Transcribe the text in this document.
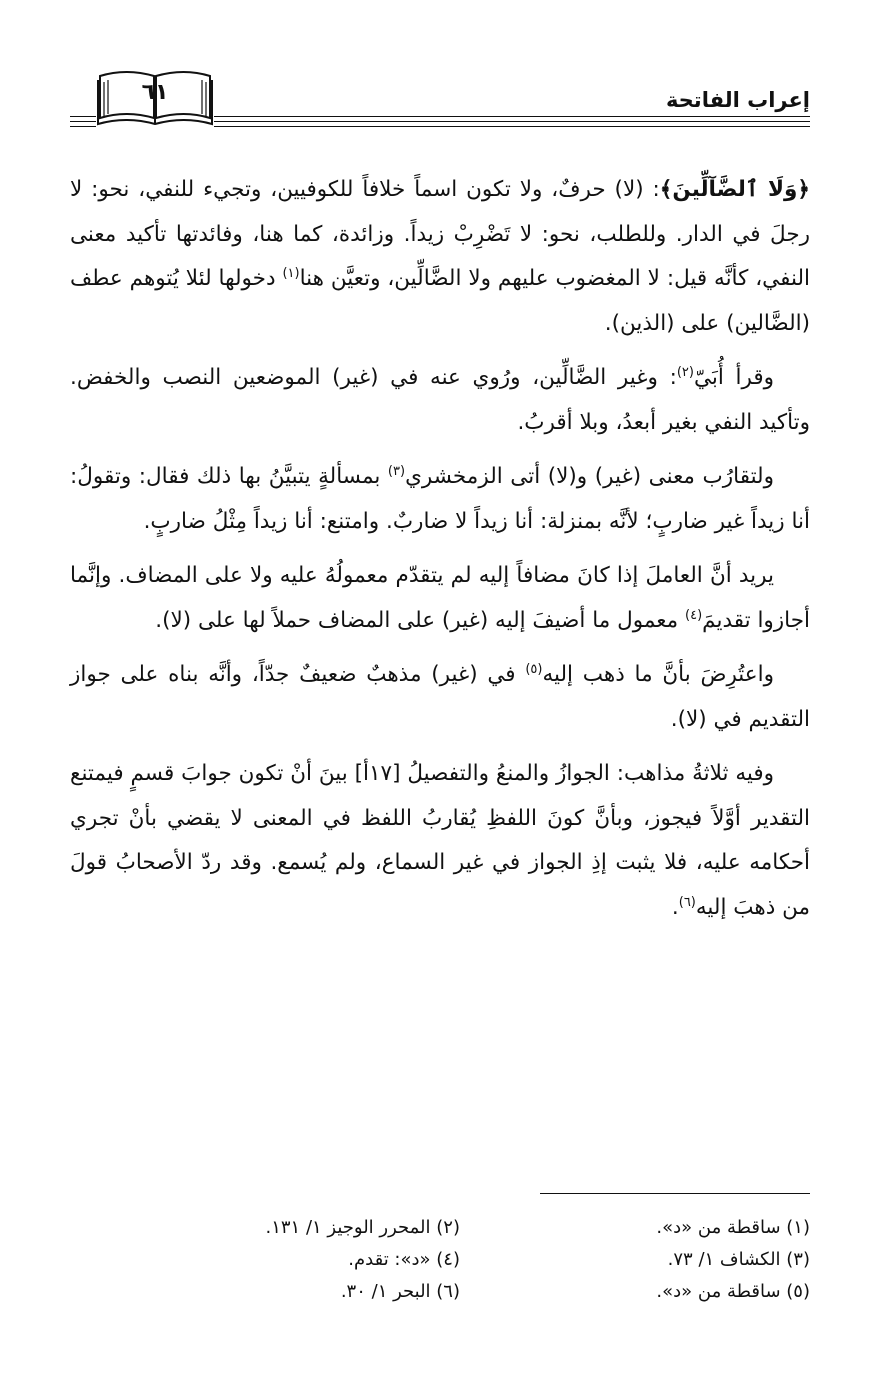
إعراب الفاتحة
٦١

﴿وَلَا ٱلضَّآلِّينَ﴾: (لا) حرفٌ، ولا تكون اسماً خلافاً للكوفيين، وتجيء للنفي، نحو: لا رجلَ في الدار. وللطلب، نحو: لا تَضْرِبْ زيداً. وزائدة، كما هنا، وفائدتها تأكيد معنى النفي، كأنَّه قيل: لا المغضوب عليهم ولا الضَّالِّين، وتعيَّن هنا$^{(١)}$ دخولها لئلا يُتوهم عطف (الضَّالين) على (الذين).

وقرأ أُبَيّ$^{(٢)}$: وغير الضَّالِّين، ورُوي عنه في (غير) الموضعين النصب والخفض. وتأكيد النفي بغير أبعدُ، وبلا أقربُ.

ولتقارُب معنى (غير) و(لا) أتى الزمخشري$^{(٣)}$ بمسألةٍ يتبيَّنُ بها ذلك فقال: وتقولُ: أنا زيداً غير ضاربٍ؛ لأنَّه بمنزلة: أنا زيداً لا ضاربٌ. وامتنع: أنا زيداً مِثْلُ ضاربٍ.

يريد أنَّ العاملَ إذا كانَ مضافاً إليه لم يتقدّم معمولُهُ عليه ولا على المضاف. وإنَّما أجازوا تقديمَ$^{(٤)}$ معمول ما أضيفَ إليه (غير) على المضاف حملاً لها على (لا).

واعتُرِضَ بأنَّ ما ذهب إليه$^{(٥)}$ في (غير) مذهبٌ ضعيفٌ جدّاً، وأنَّه بناه على جواز التقديم في (لا).

وفيه ثلاثةُ مذاهب: الجوازُ والمنعُ والتفصيلُ [١٧أ] بينَ أنْ تكون جوابَ قسمٍ فيمتنع التقدير أوَّلاً فيجوز، وبأنَّ كونَ اللفظِ يُقاربُ اللفظ في المعنى لا يقضي بأنْ تجري أحكامه عليه، فلا يثبت إذِ الجواز في غير السماع، ولم يُسمع. وقد ردّ الأصحابُ قولَ من ذهبَ إليه$^{(٦)}$.

(١) ساقطة من «د».
(٣) الكشاف ١/ ٧٣.
(٥) ساقطة من «د».
(٢) المحرر الوجيز ١/ ١٣١.
(٤) «د»: تقدم.
(٦) البحر ١/ ٣٠.
